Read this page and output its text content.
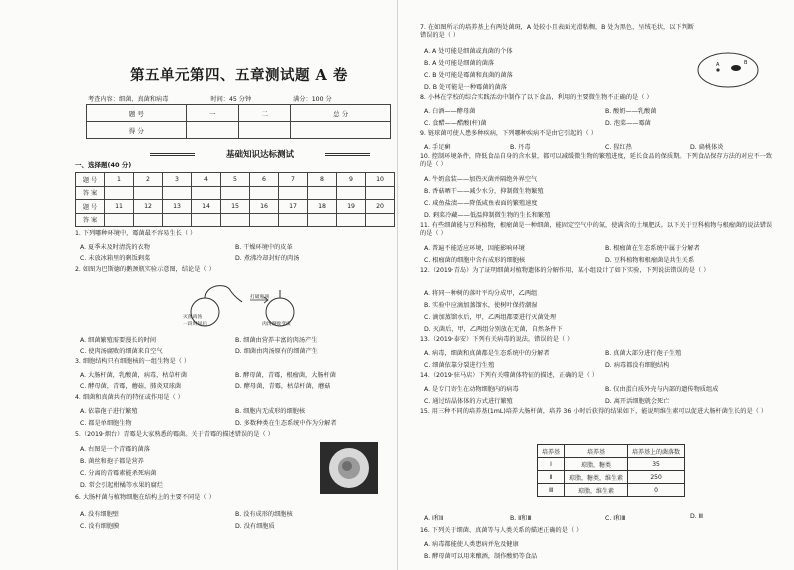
第五单元第四、五章测试题 A 卷
考查内容：细菌、真菌和病毒	时间：45 分钟	满分：100 分
题 号	一	二	总 分
得 分			
一、选择题(40 分)
基础知识达标测试
题 号	1	2	3	4	5	6	7	8	9	10
答 案										
题 号	11	12	13	14	15	16	17	18	19	20
答 案										
1. 下列哪种环境中，霉菌最不容易生长（ ）
A. 夏季未及时清洗的衣物	B. 干燥环境中的皮革
C. 未放冰箱里的剩饭剩菜	D. 煮沸冷却封好的肉汤
2. 如图为巴斯德的鹅颈瓶实验示意图，结论是（ ）
灭菌肉汤
一段时间后
打破瓶颈
肉汤腐败变质
A. 细菌繁殖需要漫长的时间	B. 细菌由营养丰富的肉汤产生
C. 使肉汤腐败的细菌来自空气	D. 细菌由肉汤原有的细菌产生
3. 细胞结构只有细胞核的一组生物是（ ）
A. 大肠杆菌，乳酸菌，病毒，枯草杆菌	B. 酵母菌，青霉，根瘤菌，大肠杆菌
C. 酵母菌，青霉，蘑菇，肺炎双球菌	D. 酵母菌，青霉，枯草杆菌，蘑菇
4. 细菌和真菌共有的特征或作用是（ ）
A. 依靠孢子进行繁殖	B. 细胞内无成形的细胞核
C. 都是单细胞生物	D. 多数种类在生态系统中作为分解者
5.（2019·烟台）青霉是大家熟悉的霉菌。关于青霉的描述错误的是（ ）
A. 右图是一个青霉的菌落
B. 菌丝和孢子都是营养
C. 分离的青霉素能杀死病菌
D. 常会引起柑橘等水果的腐烂
6. 大肠杆菌与植物细胞在结构上的主要不同是（ ）
A. 没有细胞壁	B. 没有成形的细胞核
C. 没有细胞膜	D. 没有细胞质
7. 在如图所示的培养基上有两处菌斑，A 处较小且表面光滑粘稠，B 处为黑色，呈绒毛状，以下判断错误的是（ ）
A	B
A. A 处可能是细菌或真菌的个体
B. A 处可能是细菌的菌落
C. B 处可能是霉菌和真菌的菌落
D. B 处可能是一种霉菌的菌落
8. 小林在学校的综合实践活动中制作了以下食品，利用的主要微生物不正确的是（ ）
A. 白酒——酵母菌	B. 酸奶——乳酸菌
C. 食醋——醋酸(杆)菌	D. 泡菜——霉菌
9. 链球菌可使人患多种疾病，下列哪种疾病不是由它引起的（ ）
A. 手足癣	B. 丹毒	C. 猩红热	D. 扁桃体炎
10. 控制环境条件，降低食品自身的含水量，都可以减缓微生物的繁殖进度，延长食品的保质期。下列食品保存方法的对应不一致的是（ ）
A. 牛奶盒装——加热灭菌并隔绝外界空气
B. 香菇晒干——减少水分，抑制微生物繁殖
C. 咸鱼盐渍——降低咸鱼表面的繁殖速度
D. 剩菜冷藏——低温抑制微生物的生长和繁殖
11. 有些细菌能与豆科植物，根瘤菌是一种细菌，能固定空气中的氮，使满含的土壤肥沃。以下关于豆科植物与根瘤菌的说法错误的是（ ）
A. 普遍不能适应环境，因能影响环境	B. 根瘤菌在生态系统中属于分解者
C. 根瘤菌的细胞中含有成形的细胞核	D. 豆科植物和根瘤菌是共生关系
12.（2019·青岛）为了证明细菌对植物遗体的分解作用，某小组设计了如下实验，下列说法错误的是（ ）
A. 将同一种树的落叶平均分成甲，乙两组
B. 实验中应滴加蒸馏水，使树叶保持潮湿
C. 滴加蒸馏水后，甲，乙两组都要进行灭菌处理
D. 灭菌后，甲，乙两组分别放在无菌，自然条件下
13.（2019·泰安）下列有关病毒的说法，错误的是（ ）
A. 病毒，细菌和真菌都是生态系统中的分解者	B. 真菌大部分进行孢子生殖
C. 细菌依靠分裂进行生殖	D. 病毒都没有细胞结构
14.（2019·驻马店）下列有关噬菌体特征的描述，正确的是（ ）
A. 是专门寄生在动物细胞内的病毒	B. 仅由蛋白质外壳与内部的遗传物质组成
C. 通过结晶体体的方式进行繁殖	D. 离开活细胞就会死亡
15. 用三种不同的培养基(1mL)培养大肠杆菌，培养 36 小时后获得的结果如下，能说明维生素可以促进大肠杆菌生长的是（ ）
培养基	培养基	培养基上的菌落数
Ⅰ	琼脂，糖类	35
Ⅱ	琼脂，糖类，维生素	250
Ⅲ	琼脂，维生素	0
A. Ⅰ和Ⅱ	B. Ⅱ和Ⅲ	C. Ⅰ和Ⅲ	D. Ⅲ
16. 下列关于细菌、真菌等与人类关系的描述正确的是（ ）
A. 病毒都能使人类患病并危及健康
B. 酵母菌可以用来酿酒，制作酸奶等食品
